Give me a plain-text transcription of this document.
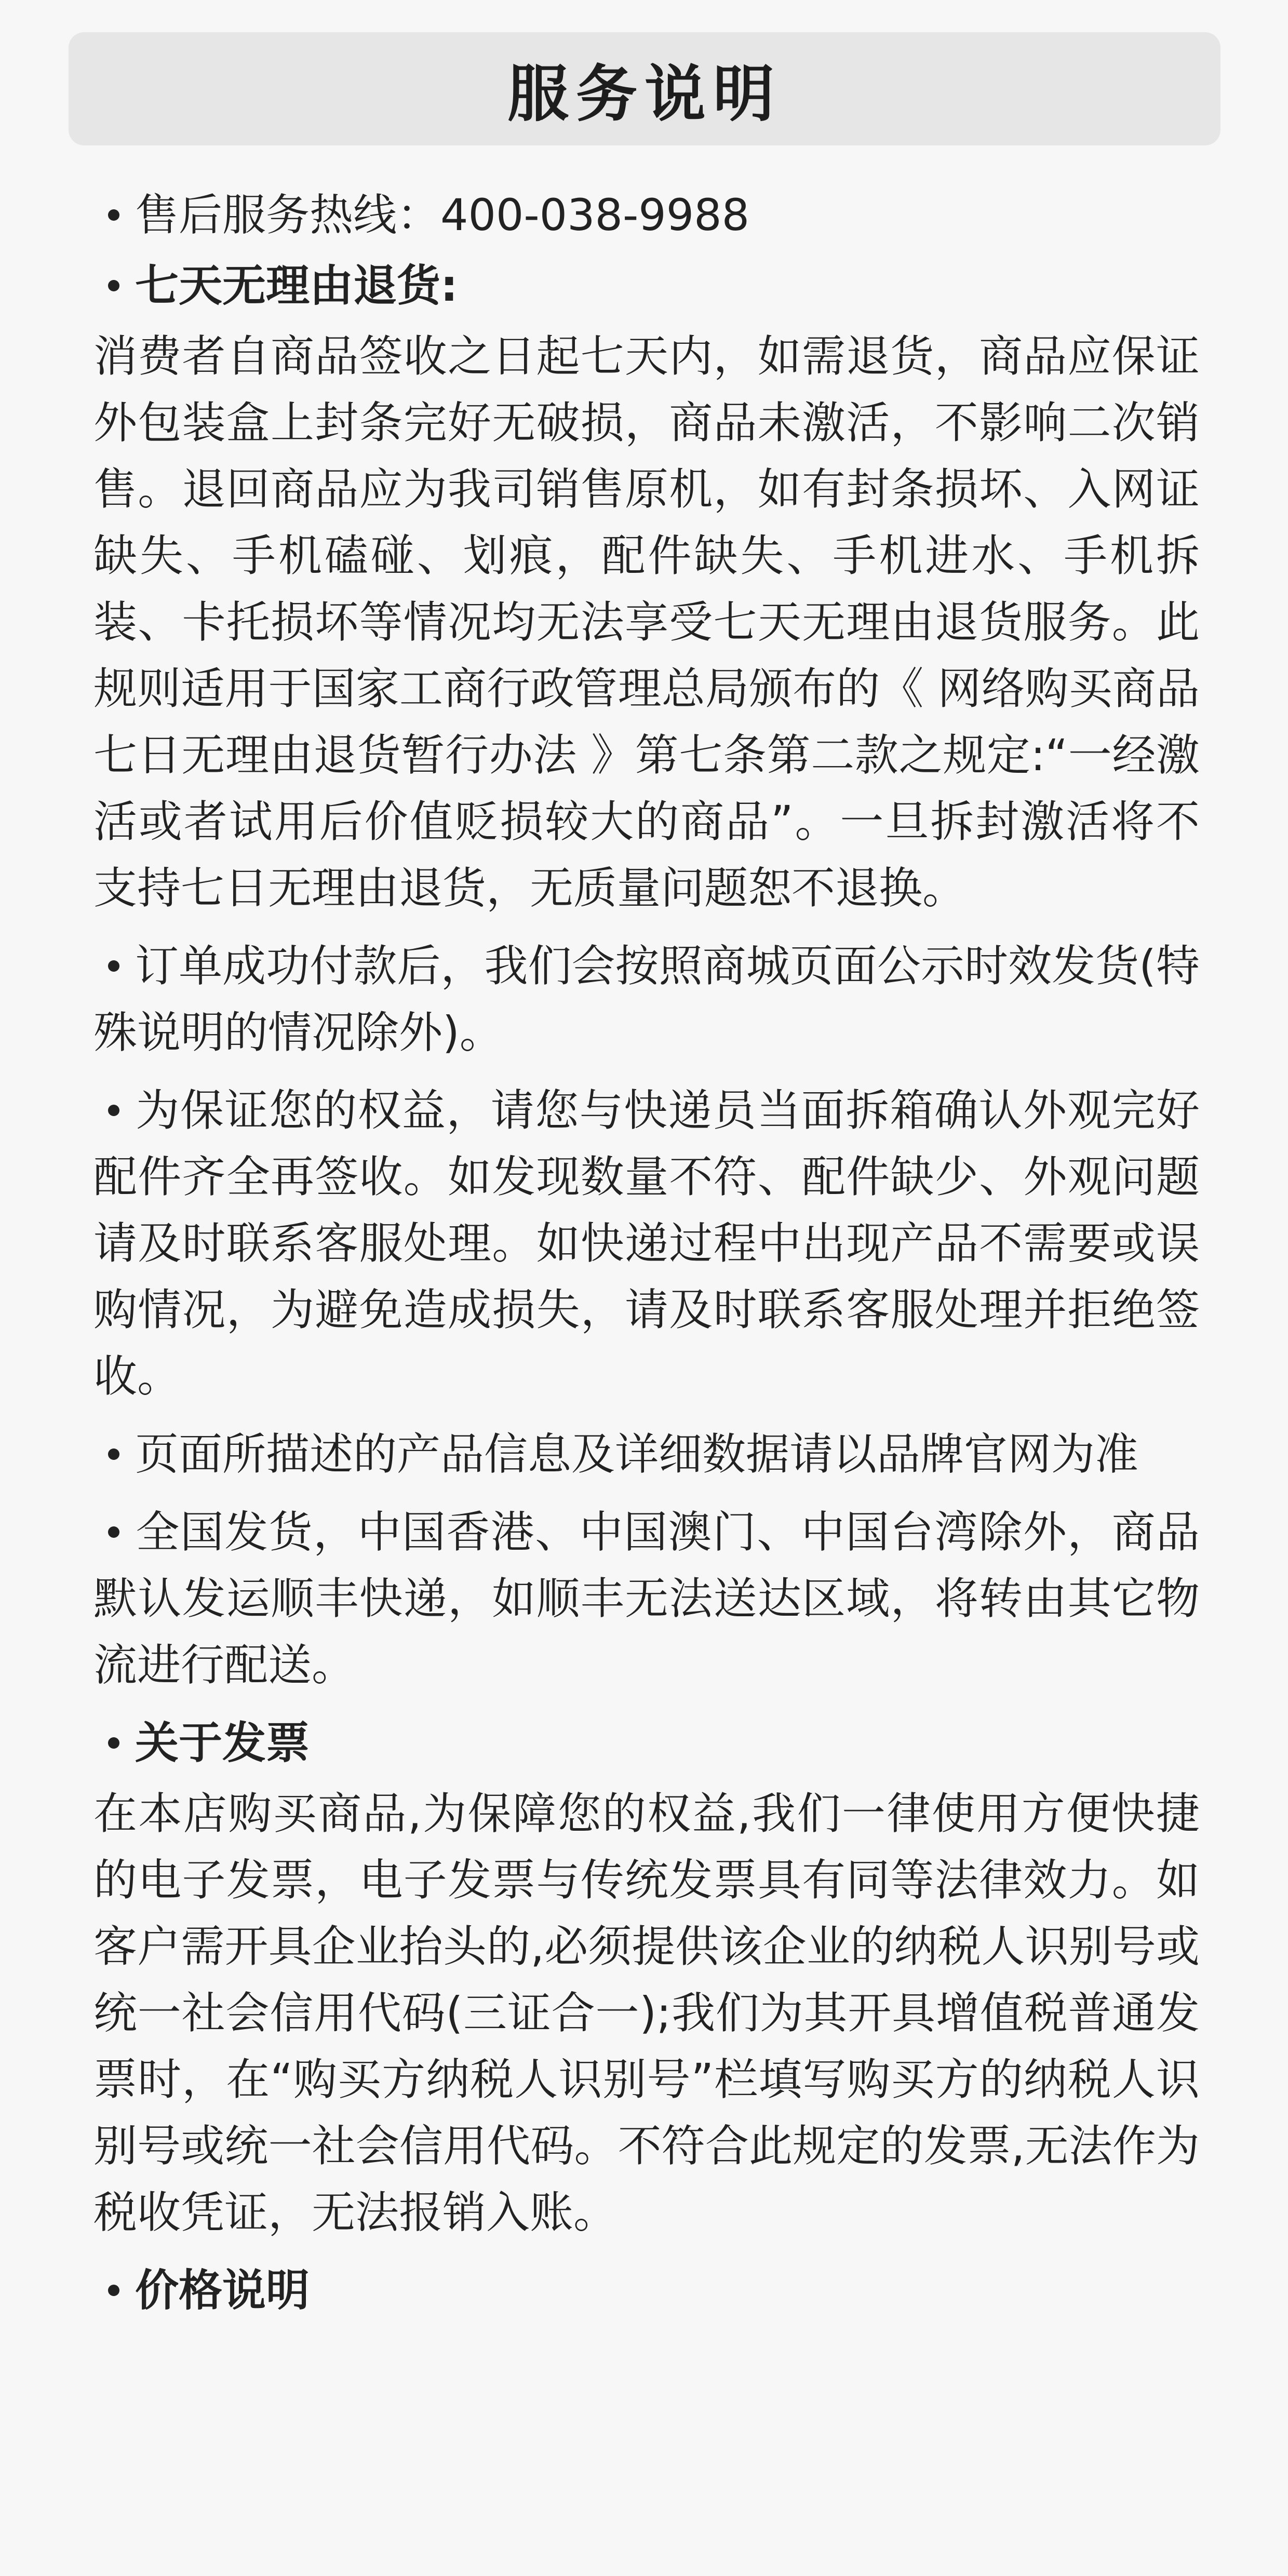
服务说明
售后服务热线：400-038-9988
七天无理由退货:

消费者自商品签收之日起七天内，如需退货，商品应保证外包装盒上封条完好无破损，商品未激活，不影响二次销售。退回商品应为我司销售原机，如有封条损坏、入网证缺失、手机磕碰、划痕，配件缺失、手机进水、手机拆装、卡托损坏等情况均无法享受七天无理由退货服务。此规则适用于国家工商行政管理总局颁布的《 网络购买商品七日无理由退货暂行办法 》第七条第二款之规定:“一经激活或者试用后价值贬损较大的商品”。一旦拆封激活将不支持七日无理由退货，无质量问题恕不退换。

订单成功付款后，我们会按照商城页面公示时效发货(特殊说明的情况除外)。

为保证您的权益，请您与快递员当面拆箱确认外观完好配件齐全再签收。如发现数量不符、配件缺少、外观问题请及时联系客服处理。如快递过程中出现产品不需要或误购情况，为避免造成损失，请及时联系客服处理并拒绝签收。

页面所描述的产品信息及详细数据请以品牌官网为准

全国发货，中国香港、中国澳门、中国台湾除外，商品默认发运顺丰快递，如顺丰无法送达区域，将转由其它物流进行配送。

关于发票

在本店购买商品,为保障您的权益,我们一律使用方便快捷的电子发票，电子发票与传统发票具有同等法律效力。如客户需开具企业抬头的,必须提供该企业的纳税人识别号或统一社会信用代码(三证合一);我们为其开具增值税普通发票时，在“购买方纳税人识别号”栏填写购买方的纳税人识别号或统一社会信用代码。不符合此规定的发票,无法作为税收凭证，无法报销入账。

价格说明
